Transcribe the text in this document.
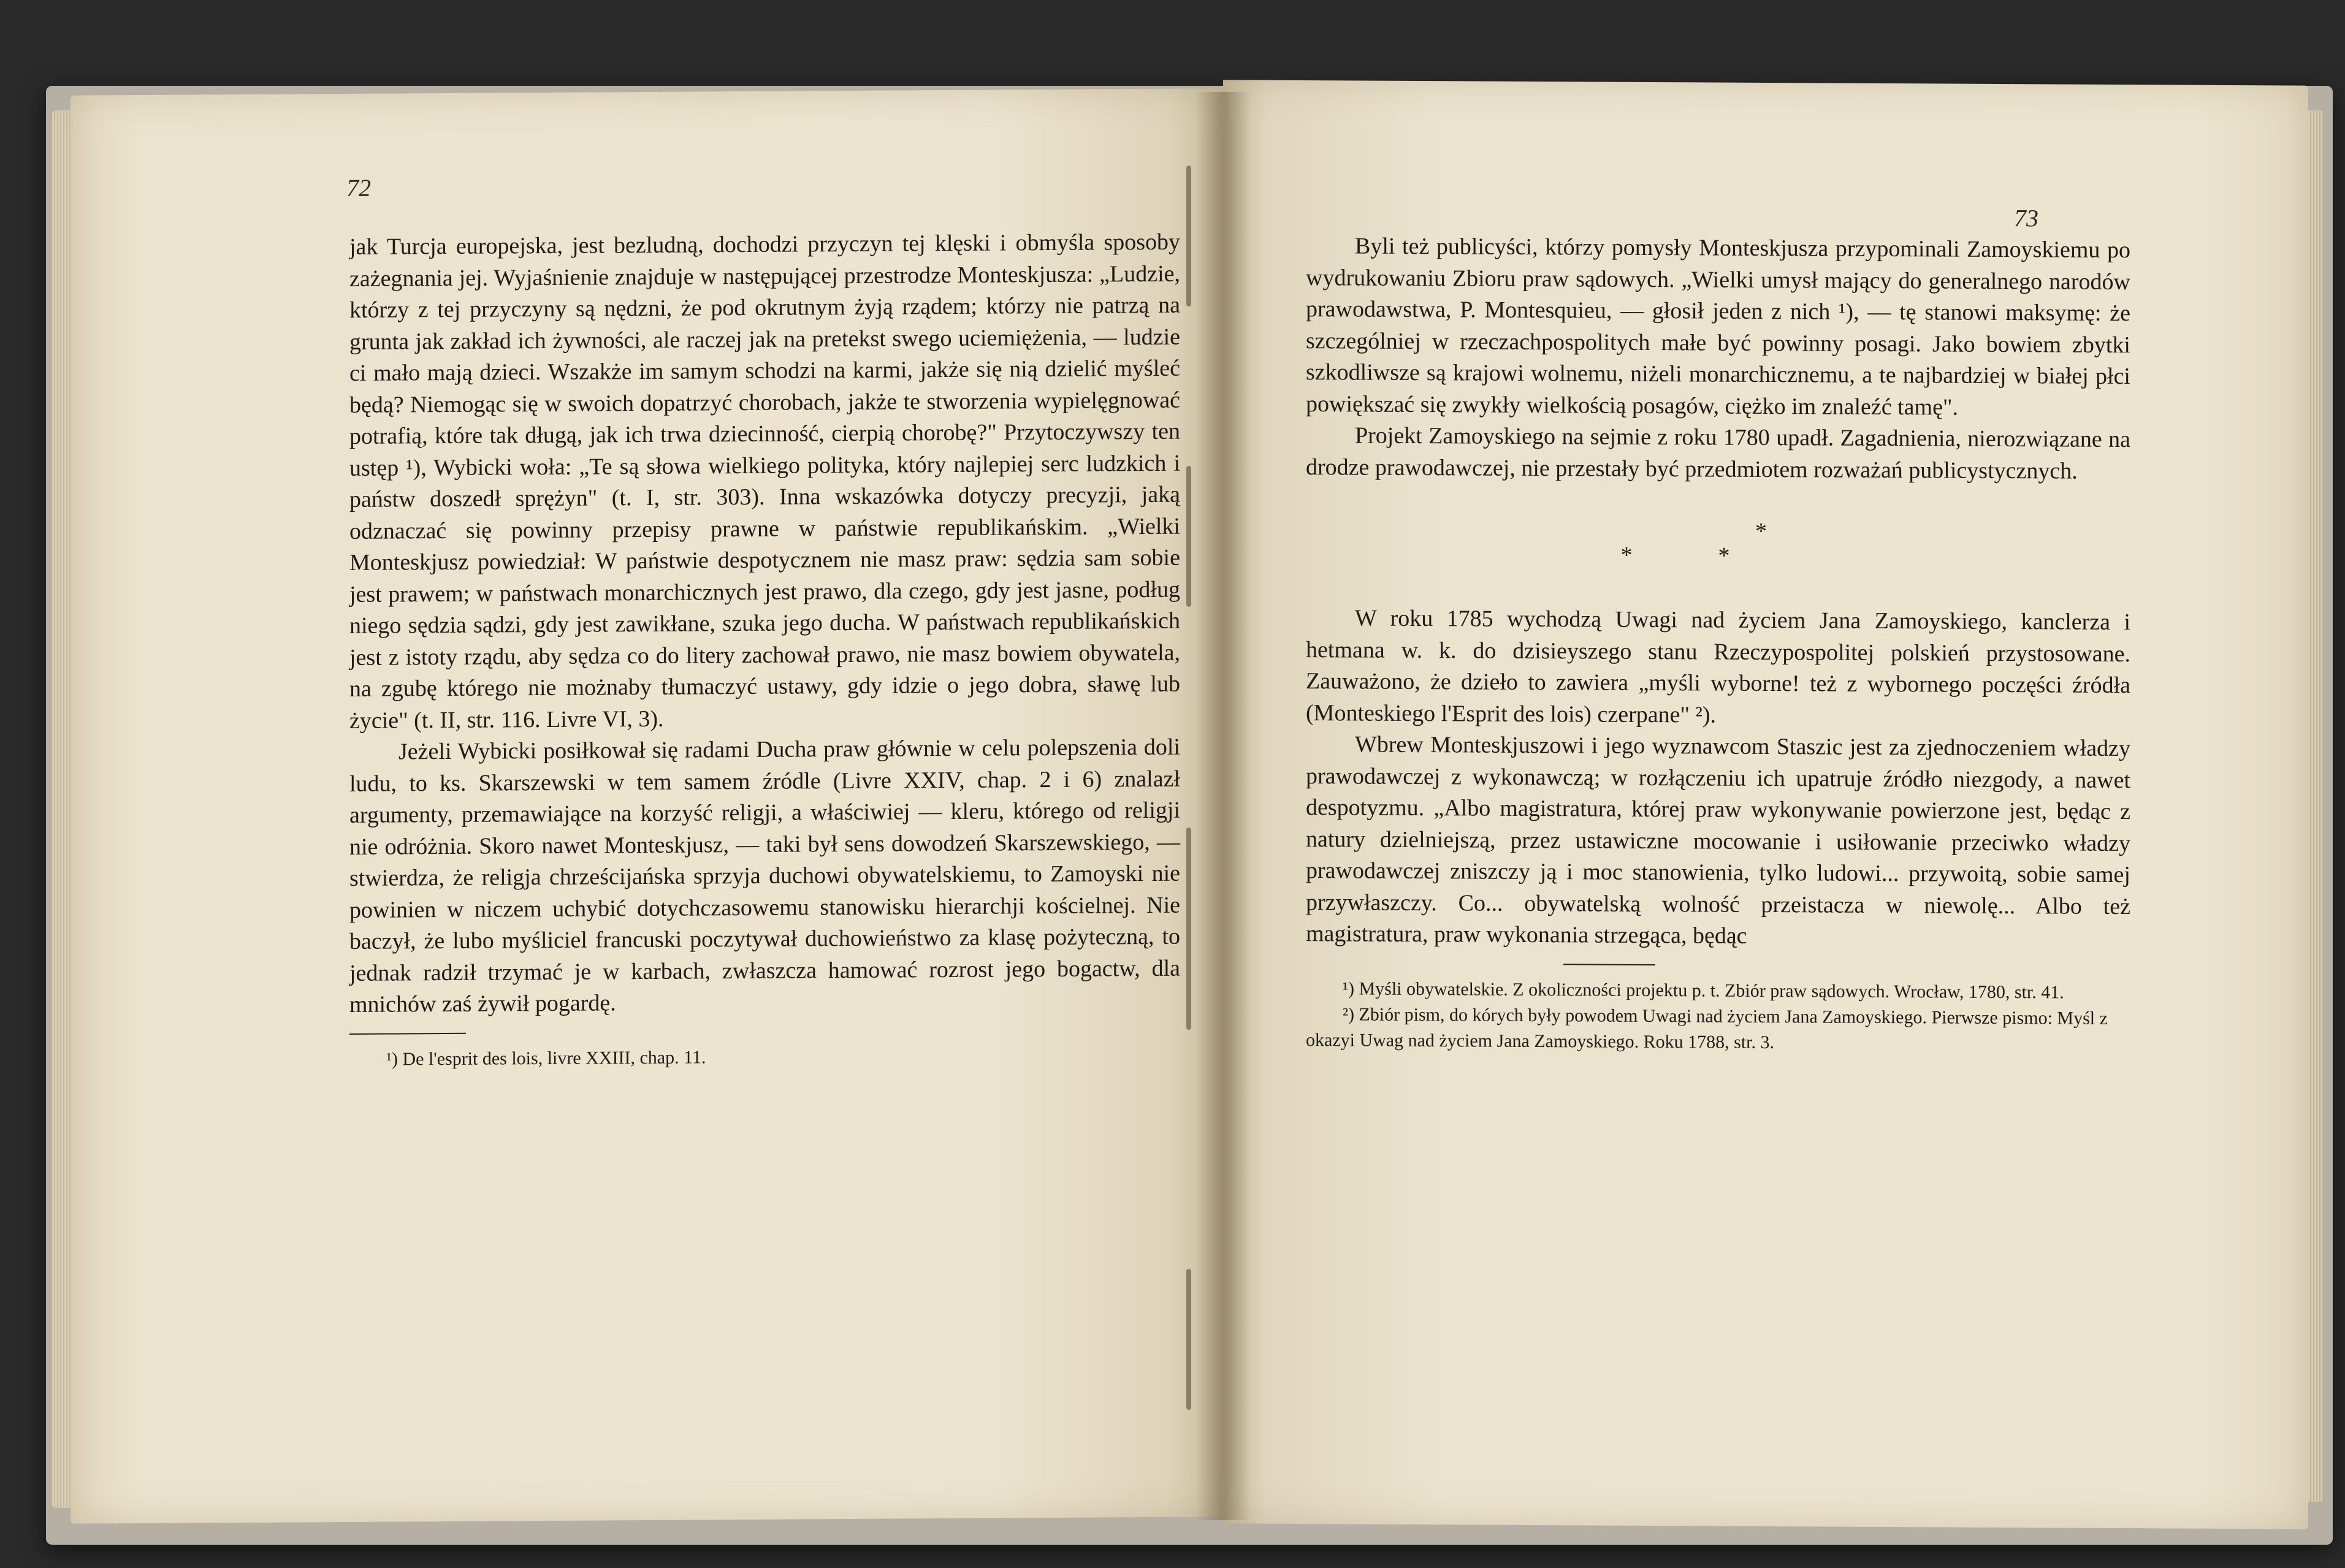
72

jak Turcja europejska, jest bezludną, dochodzi przyczyn tej klęski i obmyśla sposoby zażegnania jej. Wyjaśnienie znajduje w następującej przestrodze Monteskjusza: „Ludzie, którzy z tej przyczyny są nędzni, że pod okrutnym żyją rządem; którzy nie patrzą na grunta jak zakład ich żywności, ale raczej jak na pretekst swego uciemiężenia, — ludzie ci mało mają dzieci. Wszakże im samym schodzi na karmi, jakże się nią dzielić myśleć będą? Niemogąc się w swoich dopatrzyć chorobach, jakże te stworzenia wypielęgnować potrafią, które tak długą, jak ich trwa dziecinność, cierpią chorobę?" Przytoczywszy ten ustęp ¹), Wybicki woła: „Te są słowa wielkiego polityka, który najlepiej serc ludzkich i państw doszedł sprężyn" (t. I, str. 303). Inna wskazówka dotyczy precyzji, jaką odznaczać się powinny przepisy prawne w państwie republikańskim. „Wielki Monteskjusz powiedział: W państwie despotycznem nie masz praw: sędzia sam sobie jest prawem; w państwach monarchicznych jest prawo, dla czego, gdy jest jasne, podług niego sędzia sądzi, gdy jest zawikłane, szuka jego ducha. W państwach republikańskich jest z istoty rządu, aby sędza co do litery zachował prawo, nie masz bowiem obywatela, na zgubę którego nie możnaby tłumaczyć ustawy, gdy idzie o jego dobra, sławę lub życie" (t. II, str. 116. Livre VI, 3).

Jeżeli Wybicki posiłkował się radami Ducha praw głównie w celu polepszenia doli ludu, to ks. Skarszewski w tem samem źródle (Livre XXIV, chap. 2 i 6) znalazł argumenty, przemawiające na korzyść religji, a właściwiej — kleru, którego od religji nie odróżnia. Skoro nawet Monteskjusz, — taki był sens dowodzeń Skarszewskiego, — stwierdza, że religja chrześcijańska sprzyja duchowi obywatelskiemu, to Zamoyski nie powinien w niczem uchybić dotychczasowemu stanowisku hierarchji kościelnej. Nie baczył, że lubo myśliciel francuski poczytywał duchowieństwo za klasę pożyteczną, to jednak radził trzymać je w karbach, zwłaszcza hamować rozrost jego bogactw, dla mnichów zaś żywił pogardę.

¹) De l'esprit des lois, livre XXIII, chap. 11.

73

Byli też publicyści, którzy pomysły Monteskjusza przypominali Zamoyskiemu po wydrukowaniu Zbioru praw sądowych. „Wielki umysł mający do generalnego narodów prawodawstwa, P. Montesquieu, — głosił jeden z nich ¹), — tę stanowi maksymę: że szczególniej w rzeczachpospolitych małe być powinny posagi. Jako bowiem zbytki szkodliwsze są krajowi wolnemu, niżeli monarchicznemu, a te najbardziej w białej płci powiększać się zwykły wielkością posagów, ciężko im znaleźć tamę".

Projekt Zamoyskiego na sejmie z roku 1780 upadł. Zagadnienia, nierozwiązane na drodze prawodawczej, nie przestały być przedmiotem rozważań publicystycznych.

*
**

W roku 1785 wychodzą Uwagi nad życiem Jana Zamoyskiego, kanclerza i hetmana w. k. do dzisieyszego stanu Rzeczypospolitej polskień przystosowane. Zauważono, że dzieło to zawiera „myśli wyborne! też z wybornego poczęści źródła (Monteskiego l'Esprit des lois) czerpane" ²).

Wbrew Monteskjuszowi i jego wyznawcom Staszic jest za zjednoczeniem władzy prawodawczej z wykonawczą; w rozłączeniu ich upatruje źródło niezgody, a nawet despotyzmu. „Albo magistratura, której praw wykonywanie powierzone jest, będąc z natury dzielniejszą, przez ustawiczne mocowanie i usiłowanie przeciwko władzy prawodawczej zniszczy ją i moc stanowienia, tylko ludowi... przywoitą, sobie samej przywłaszczy. Co... obywatelską wolność przeistacza w niewolę... Albo też magistratura, praw wykonania strzegąca, będąc

¹) Myśli obywatelskie. Z okoliczności projektu p. t. Zbiór praw sądowych. Wrocław, 1780, str. 41.

²) Zbiór pism, do kórych były powodem Uwagi nad życiem Jana Zamoyskiego. Pierwsze pismo: Myśl z okazyi Uwag nad życiem Jana Zamoyskiego. Roku 1788, str. 3.
